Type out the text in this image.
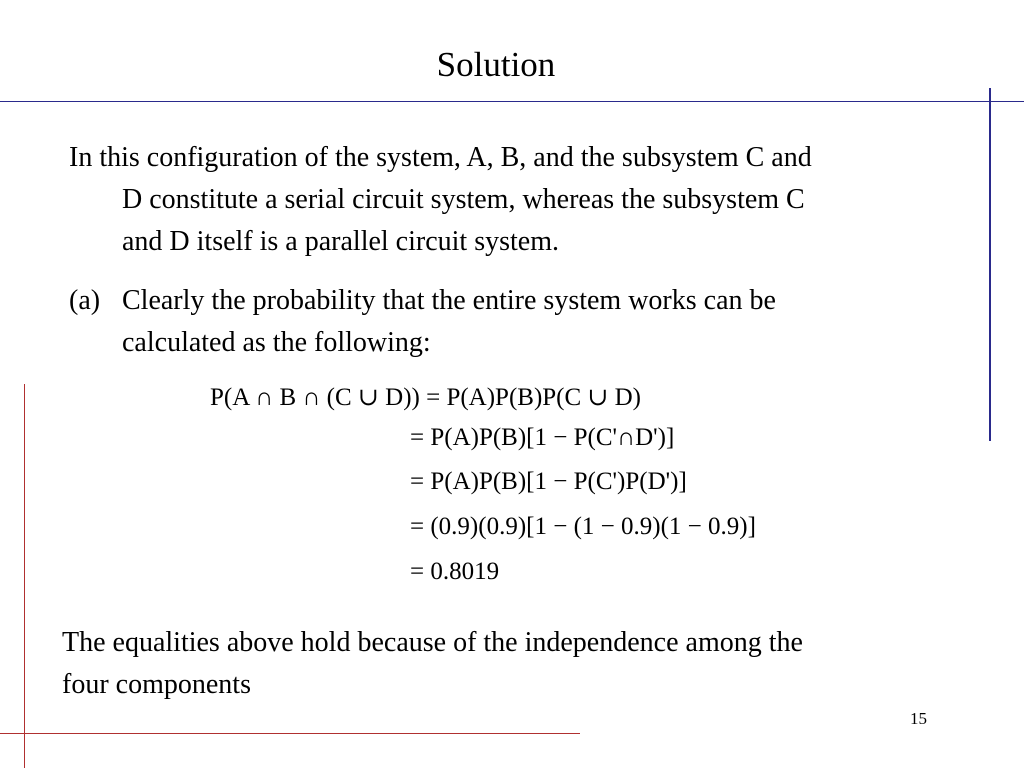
Solution
In this configuration of the system, A, B, and the subsystem C and
D constitute a serial circuit system, whereas the subsystem C
and D itself is a parallel circuit system.
(a) Clearly the probability that the entire system works can be
calculated as the following:
P(A ∩ B ∩ (C ∪ D)) = P(A)P(B)P(C ∪ D)
= P(A)P(B)[1 − P(C'∩D')]
= P(A)P(B)[1 − P(C')P(D')]
= (0.9)(0.9)[1 − (1 − 0.9)(1 − 0.9)]
= 0.8019
The equalities above hold because of the independence among the
four components
15
